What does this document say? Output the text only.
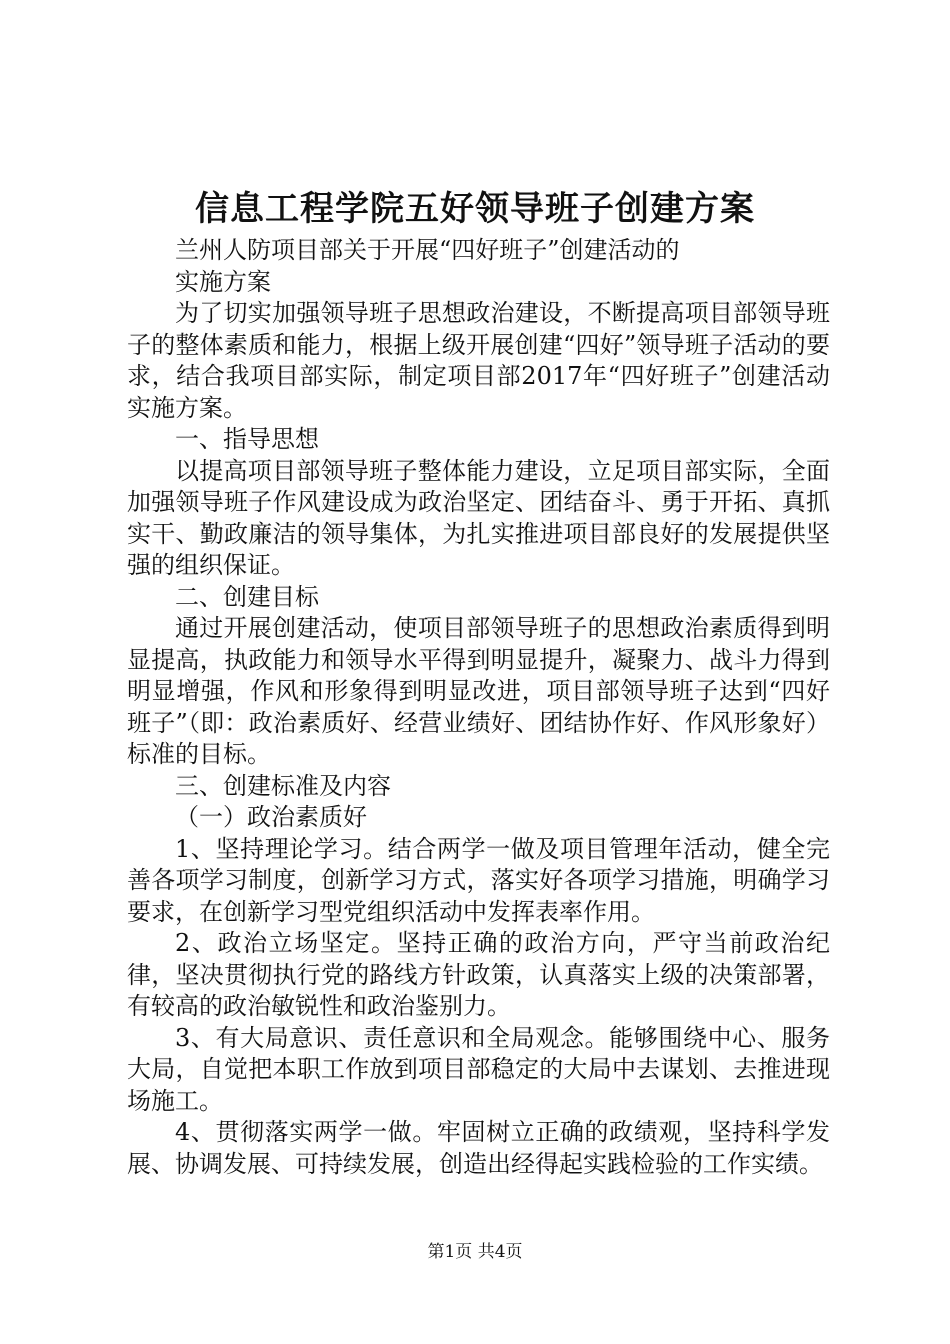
信息工程学院五好领导班子创建方案

兰州人防项目部关于开展“四好班子”创建活动的

实施方案

为了切实加强领导班子思想政治建设，不断提高项目部领导班子的整体素质和能力，根据上级开展创建“四好”领导班子活动的要求，结合我项目部实际，制定项目部2017年“四好班子”创建活动实施方案。

一、指导思想

以提高项目部领导班子整体能力建设，立足项目部实际，全面加强领导班子作风建设成为政治坚定、团结奋斗、勇于开拓、真抓实干、勤政廉洁的领导集体，为扎实推进项目部良好的发展提供坚强的组织保证。

二、创建目标

通过开展创建活动，使项目部领导班子的思想政治素质得到明显提高，执政能力和领导水平得到明显提升，凝聚力、战斗力得到明显增强，作风和形象得到明显改进，项目部领导班子达到“四好班子”（即：政治素质好、经营业绩好、团结协作好、作风形象好）标准的目标。

三、创建标准及内容

（一）政治素质好

1、坚持理论学习。结合两学一做及项目管理年活动，健全完善各项学习制度，创新学习方式，落实好各项学习措施，明确学习要求，在创新学习型党组织活动中发挥表率作用。

2、政治立场坚定。坚持正确的政治方向，严守当前政治纪律，坚决贯彻执行党的路线方针政策，认真落实上级的决策部署，有较高的政治敏锐性和政治鉴别力。

3、有大局意识、责任意识和全局观念。能够围绕中心、服务大局，自觉把本职工作放到项目部稳定的大局中去谋划、去推进现场施工。

4、贯彻落实两学一做。牢固树立正确的政绩观，坚持科学发展、协调发展、可持续发展，创造出经得起实践检验的工作实绩。

第1页 共4页
